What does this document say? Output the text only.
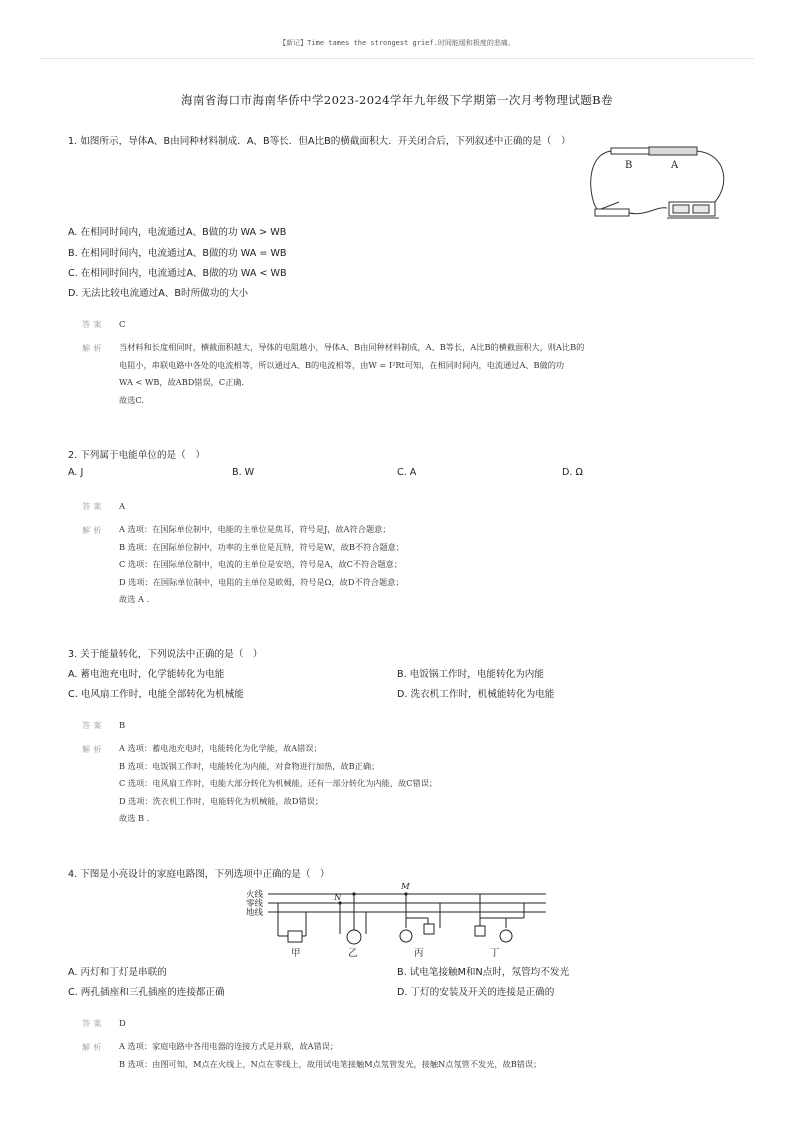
【新记】Time tames the strongest grief.时间能缓和极度的悲痛。
海南省海口市海南华侨中学2023-2024学年九年级下学期第一次月考物理试题B卷
1. 如图所示，导体A、B由同种材料制成．A、B等长．但A比B的横截面积大．开关闭合后，下列叙述中正确的是（　）
B	A
A. 在相同时间内，电流通过A、B做的功 WA > WB
B. 在相同时间内，电流通过A、B做的功 WA = WB
C. 在相同时间内，电流通过A、B做的功 WA < WB
D. 无法比较电流通过A、B时所做功的大小
答案 C
解析 当材料和长度相同时，横截面积越大，导体的电阻越小，导体A、B由同种材料制成，A、B等长，A比B的横截面积大，则A比B的
电阻小，串联电路中各处的电流相等，所以通过A、B的电流相等，由W = I²Rt可知，在相同时间内，电流通过A、B做的功
WA < WB，故ABD错误，C正确．
故选C.
2. 下列属于电能单位的是（　）
A. J	B. W	C. A	D. Ω
答案 A
解析 A 选项：在国际单位制中，电能的主单位是焦耳，符号是J，故A符合题意；
B 选项：在国际单位制中，功率的主单位是瓦特，符号是W，故B不符合题意；
C 选项：在国际单位制中，电流的主单位是安培，符号是A，故C不符合题意；
D 选项：在国际单位制中，电阻的主单位是欧姆，符号是Ω，故D不符合题意；
故选 A .
3. 关于能量转化，下列说法中正确的是（　）
A. 蓄电池充电时，化学能转化为电能	B. 电饭锅工作时，电能转化为内能
C. 电风扇工作时，电能全部转化为机械能	D. 洗衣机工作时，机械能转化为电能
答案 B
解析 A 选项：蓄电池充电时，电能转化为化学能，故A错误；
B 选项：电饭锅工作时，电能转化为内能，对食物进行加热，故B正确；
C 选项：电风扇工作时，电能大部分转化为机械能，还有一部分转化为内能，故C错误；
D 选项：洗衣机工作时，电能转化为机械能，故D错误；
故选 B .
4. 下图是小亮设计的家庭电路图，下列选项中正确的是（　）
火线
零线
地线
M
N
甲	乙	丙	丁
A. 丙灯和丁灯是串联的	B. 试电笔接触M和N点时，氖管均不发光
C. 两孔插座和三孔插座的连接都正确	D. 丁灯的安装及开关的连接是正确的
答案 D
解析 A 选项：家庭电路中各用电器的连接方式是并联，故A错误；
B 选项：由图可知，M点在火线上，N点在零线上，故用试电笔接触M点氖管发光，接触N点氖管不发光，故B错误；
